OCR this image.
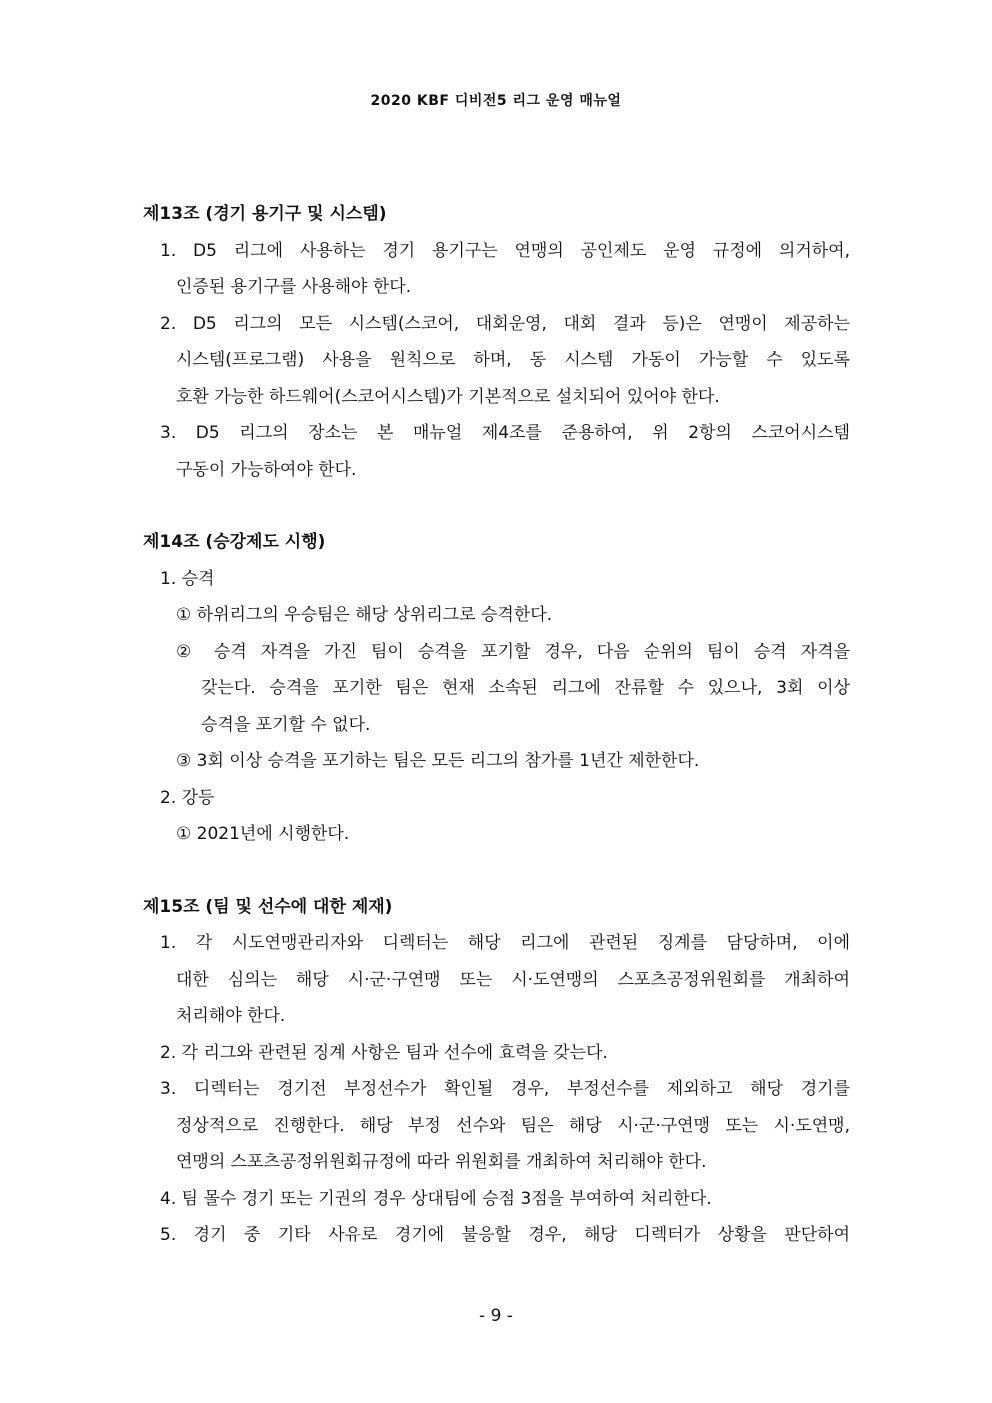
2020 KBF 디비전5 리그 운영 매뉴얼
제13조 (경기 용기구 및 시스템)
1. D5 리그에 사용하는 경기 용기구는 연맹의 공인제도 운영 규정에 의거하여,
인증된 용기구를 사용해야 한다.
2. D5 리그의 모든 시스템(스코어, 대회운영, 대회 결과 등)은 연맹이 제공하는
시스템(프로그램) 사용을 원칙으로 하며, 동 시스템 가동이 가능할 수 있도록
호환 가능한 하드웨어(스코어시스템)가 기본적으로 설치되어 있어야 한다.
3. D5 리그의 장소는 본 매뉴얼 제4조를 준용하여, 위 2항의 스코어시스템
구동이 가능하여야 한다.
제14조 (승강제도 시행)
1. 승격
① 하위리그의 우승팀은 해당 상위리그로 승격한다.
② 승격 자격을 가진 팀이 승격을 포기할 경우, 다음 순위의 팀이 승격 자격을
갖는다. 승격을 포기한 팀은 현재 소속된 리그에 잔류할 수 있으나, 3회 이상
승격을 포기할 수 없다.
③ 3회 이상 승격을 포기하는 팀은 모든 리그의 참가를 1년간 제한한다.
2. 강등
① 2021년에 시행한다.
제15조 (팀 및 선수에 대한 제재)
1. 각 시도연맹관리자와 디렉터는 해당 리그에 관련된 징계를 담당하며, 이에
대한 심의는 해당 시·군·구연맹 또는 시·도연맹의 스포츠공정위원회를 개최하여
처리해야 한다.
2. 각 리그와 관련된 징계 사항은 팀과 선수에 효력을 갖는다.
3. 디렉터는 경기전 부정선수가 확인될 경우, 부정선수를 제외하고 해당 경기를
정상적으로 진행한다. 해당 부정 선수와 팀은 해당 시·군·구연맹 또는 시·도연맹,
연맹의 스포츠공정위원회규정에 따라 위원회를 개최하여 처리해야 한다.
4. 팀 몰수 경기 또는 기권의 경우 상대팀에 승점 3점을 부여하여 처리한다.
5. 경기 중 기타 사유로 경기에 불응할 경우, 해당 디렉터가 상황을 판단하여
- 9 -
